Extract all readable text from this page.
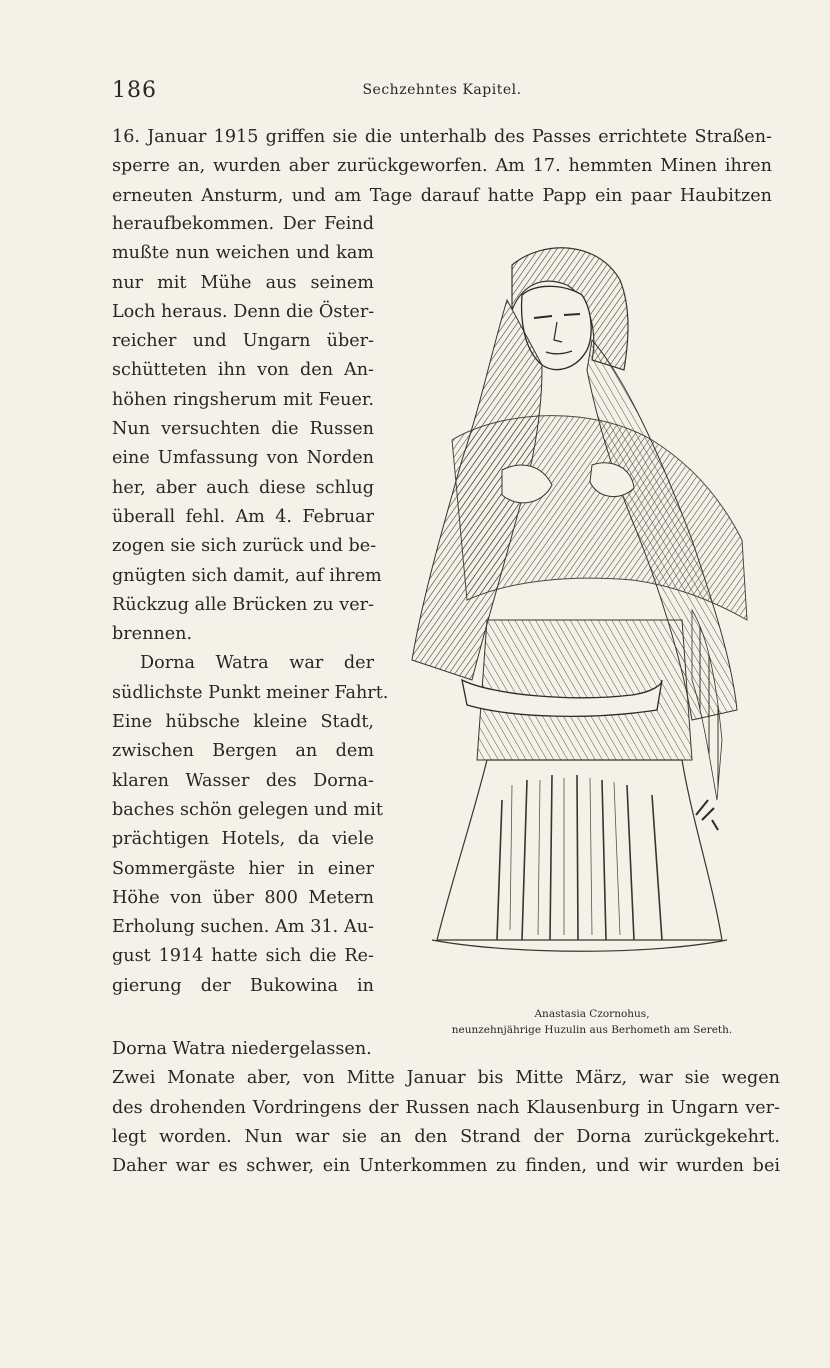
186	Sechzehntes Kapitel.

16. Januar 1915 griffen sie die unterhalb des Passes errichtete Straßen-
sperre an, wurden aber zurückgeworfen. Am 17. hemmten Minen ihren
erneuten Ansturm, und am Tage darauf hatte Papp ein paar Haubitzen

heraufbekommen. Der Feind
mußte nun weichen und kam
nur mit Mühe aus seinem
Loch heraus. Denn die Öster-
reicher und Ungarn über-
schütteten ihn von den An-
höhen ringsherum mit Feuer.
Nun versuchten die Russen
eine Umfassung von Norden
her, aber auch diese schlug
überall fehl. Am 4. Februar
zogen sie sich zurück und be-
gnügten sich damit, auf ihrem
Rückzug alle Brücken zu ver-
brennen.
Dorna Watra war der
südlichste Punkt meiner Fahrt.
Eine hübsche kleine Stadt,
zwischen Bergen an dem
klaren Wasser des Dorna-
baches schön gelegen und mit
prächtigen Hotels, da viele
Sommergäste hier in einer
Höhe von über 800 Metern
Erholung suchen. Am 31. Au-
gust 1914 hatte sich die Re-
gierung der Bukowina in

Anastasia Czornohus,
neunzehnjährige Huzulin aus Berhometh am Sereth.

Dorna Watra niedergelassen.
Zwei Monate aber, von Mitte Januar bis Mitte März, war sie wegen
des drohenden Vordringens der Russen nach Klausenburg in Ungarn ver-
legt worden. Nun war sie an den Strand der Dorna zurückgekehrt.
Daher war es schwer, ein Unterkommen zu finden, und wir wurden bei
